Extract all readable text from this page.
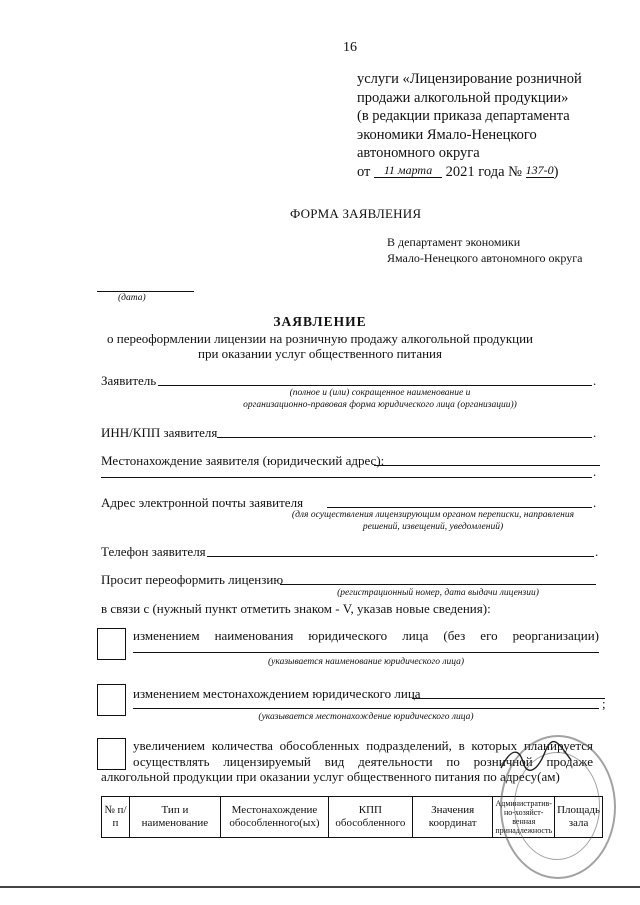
16
услуги «Лицензирование розничной
продажи алкогольной продукции»
(в редакции приказа департамента
экономики Ямало-Ненецкого
автономного округа
от 11 марта 2021 года № 137-0)
ФОРМА ЗАЯВЛЕНИЯ
В департамент экономики
Ямало-Ненецкого автономного округа
(дата)
ЗАЯВЛЕНИЕ
о переоформлении лицензии на розничную продажу алкогольной продукции
при оказании услуг общественного питания
Заявитель	.
(полное и (или) сокращенное наименование и
организационно-правовая форма юридического лица (организации))
ИНН/КПП заявителя	.
Местонахождение заявителя (юридический адрес):
.
Адрес электронной почты заявителя	.
(для осуществления лицензирующим органом переписки, направления
решений, извещений, уведомлений)
Телефон заявителя	.
Просит переоформить лицензию
(регистрационный номер, дата выдачи лицензии)
в связи с (нужный пункт отметить знаком - V, указав новые сведения):
изменением наименования юридического лица (без его реорганизации)
(указывается наименование юридического лица)
изменением местонахождением юридического лица
;
(указывается местонахождение юридического лица)
увеличением количества обособленных подразделений, в которых планируется
осуществлять лицензируемый вид деятельности по розничной продаже
алкогольной продукции при оказании услуг общественного питания по адресу(ам)
№ п/п	Тип и наименование	Местонахождение обособленного(ых)	КПП обособленного	Значения координат	Административно-хозяйственная принадлежность	Площадь зала
